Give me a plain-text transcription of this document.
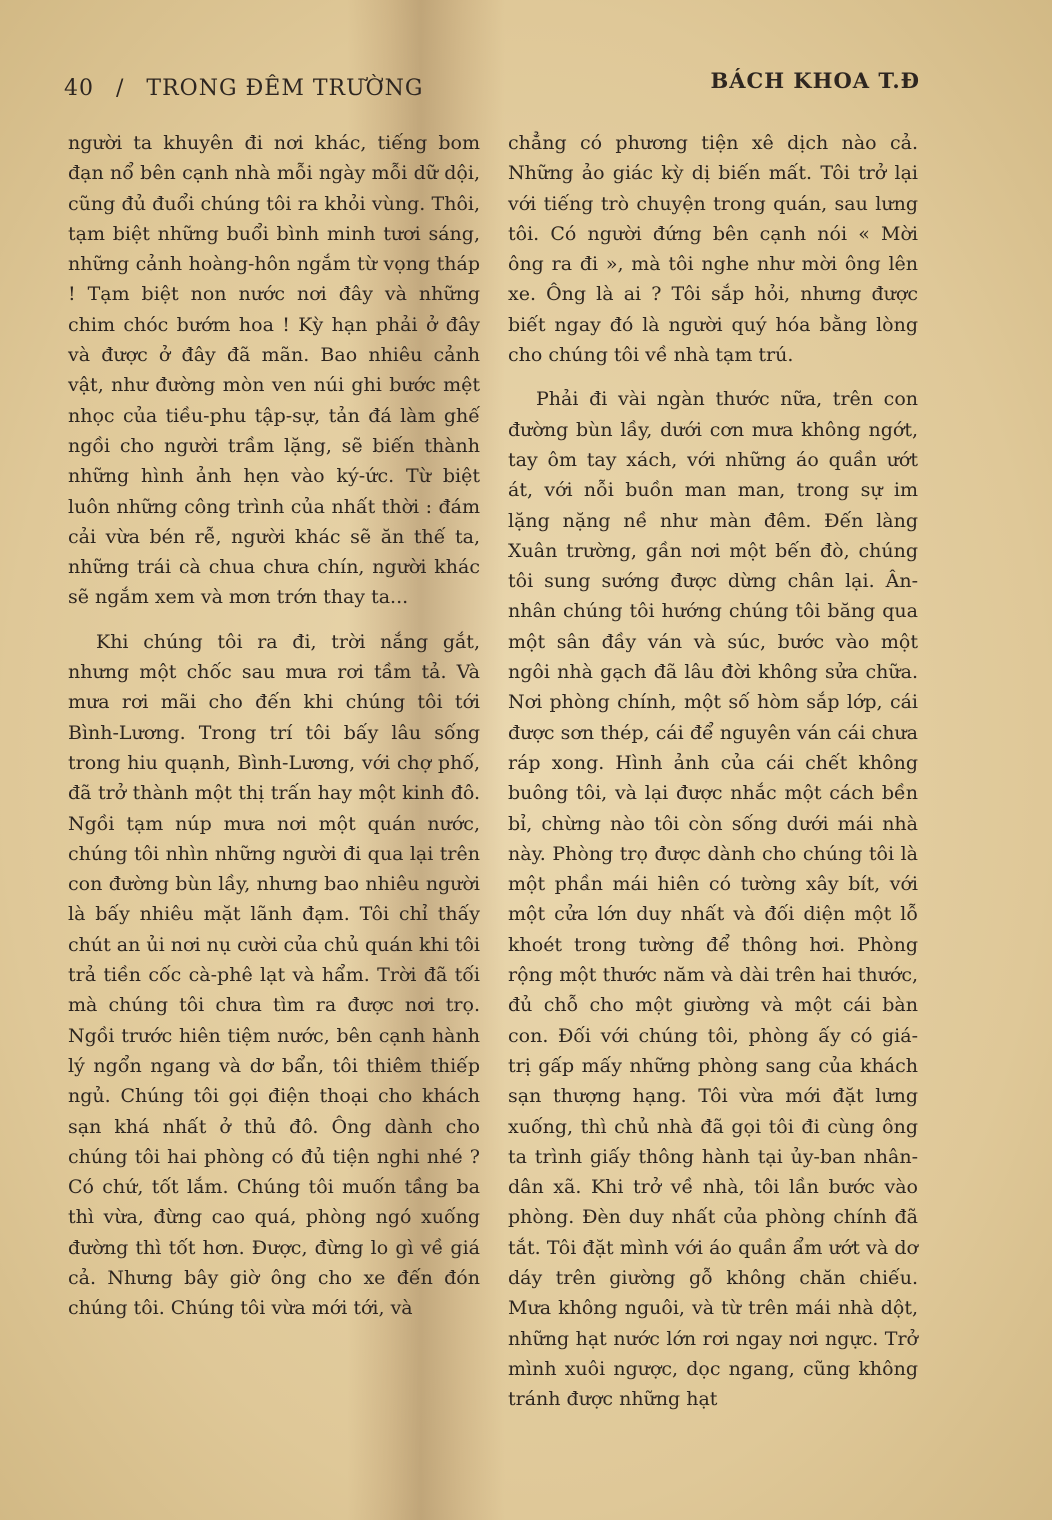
40 / TRONG ĐÊM TRƯỜNG	BÁCH KHOA T.Đ

người ta khuyên đi nơi khác, tiếng bom đạn nổ bên cạnh nhà mỗi ngày mỗi dữ dội, cũng đủ đuổi chúng tôi ra khỏi vùng. Thôi, tạm biệt những buổi bình minh tươi sáng, những cảnh hoàng-hôn ngắm từ vọng tháp ! Tạm biệt non nước nơi đây và những chim chóc bướm hoa ! Kỳ hạn phải ở đây và được ở đây đã mãn. Bao nhiêu cảnh vật, như đường mòn ven núi ghi bước mệt nhọc của tiều-phu tập-sự, tản đá làm ghế ngồi cho người trầm lặng, sẽ biến thành những hình ảnh hẹn vào ký-ức. Từ biệt luôn những công trình của nhất thời : đám cải vừa bén rễ, người khác sẽ ăn thế ta, những trái cà chua chưa chín, người khác sẽ ngắm xem và mơn trớn thay ta...

Khi chúng tôi ra đi, trời nắng gắt, nhưng một chốc sau mưa rơi tầm tả. Và mưa rơi mãi cho đến khi chúng tôi tới Bình-Lương. Trong trí tôi bấy lâu sống trong hiu quạnh, Bình-Lương, với chợ phố, đã trở thành một thị trấn hay một kinh đô. Ngồi tạm núp mưa nơi một quán nước, chúng tôi nhìn những người đi qua lại trên con đường bùn lầy, nhưng bao nhiêu người là bấy nhiêu mặt lãnh đạm. Tôi chỉ thấy chút an ủi nơi nụ cười của chủ quán khi tôi trả tiền cốc cà-phê lạt và hẩm. Trời đã tối mà chúng tôi chưa tìm ra được nơi trọ. Ngồi trước hiên tiệm nước, bên cạnh hành lý ngổn ngang và dơ bẩn, tôi thiêm thiếp ngủ. Chúng tôi gọi điện thoại cho khách sạn khá nhất ở thủ đô. Ông dành cho chúng tôi hai phòng có đủ tiện nghi nhé ? Có chứ, tốt lắm. Chúng tôi muốn tầng ba thì vừa, đừng cao quá, phòng ngó xuống đường thì tốt hơn. Được, đừng lo gì về giá cả. Nhưng bây giờ ông cho xe đến đón chúng tôi. Chúng tôi vừa mới tới, và

chẳng có phương tiện xê dịch nào cả. Những ảo giác kỳ dị biến mất. Tôi trở lại với tiếng trò chuyện trong quán, sau lưng tôi. Có người đứng bên cạnh nói « Mời ông ra đi », mà tôi nghe như mời ông lên xe. Ông là ai ? Tôi sắp hỏi, nhưng được biết ngay đó là người quý hóa bằng lòng cho chúng tôi về nhà tạm trú.

Phải đi vài ngàn thước nữa, trên con đường bùn lầy, dưới cơn mưa không ngớt, tay ôm tay xách, với những áo quần ướt át, với nỗi buồn man man, trong sự im lặng nặng nề như màn đêm. Đến làng Xuân trường, gần nơi một bến đò, chúng tôi sung sướng được dừng chân lại. Ân- nhân chúng tôi hướng chúng tôi băng qua một sân đầy ván và súc, bước vào một ngôi nhà gạch đã lâu đời không sửa chữa. Nơi phòng chính, một số hòm sắp lớp, cái được sơn thép, cái để nguyên ván cái chưa ráp xong. Hình ảnh của cái chết không buông tôi, và lại được nhắc một cách bền bỉ, chừng nào tôi còn sống dưới mái nhà này. Phòng trọ được dành cho chúng tôi là một phần mái hiên có tường xây bít, với một cửa lớn duy nhất và đối diện một lỗ khoét trong tường để thông hơi. Phòng rộng một thước năm và dài trên hai thước, đủ chỗ cho một giường và một cái bàn con. Đối với chúng tôi, phòng ấy có giá- trị gấp mấy những phòng sang của khách sạn thượng hạng. Tôi vừa mới đặt lưng xuống, thì chủ nhà đã gọi tôi đi cùng ông ta trình giấy thông hành tại ủy-ban nhân- dân xã. Khi trở về nhà, tôi lần bước vào phòng. Đèn duy nhất của phòng chính đã tắt. Tôi đặt mình với áo quần ẩm ướt và dơ dáy trên giường gỗ không chăn chiếu. Mưa không nguôi, và từ trên mái nhà dột, những hạt nước lớn rơi ngay nơi ngực. Trở mình xuôi ngược, dọc ngang, cũng không tránh được những hạt
